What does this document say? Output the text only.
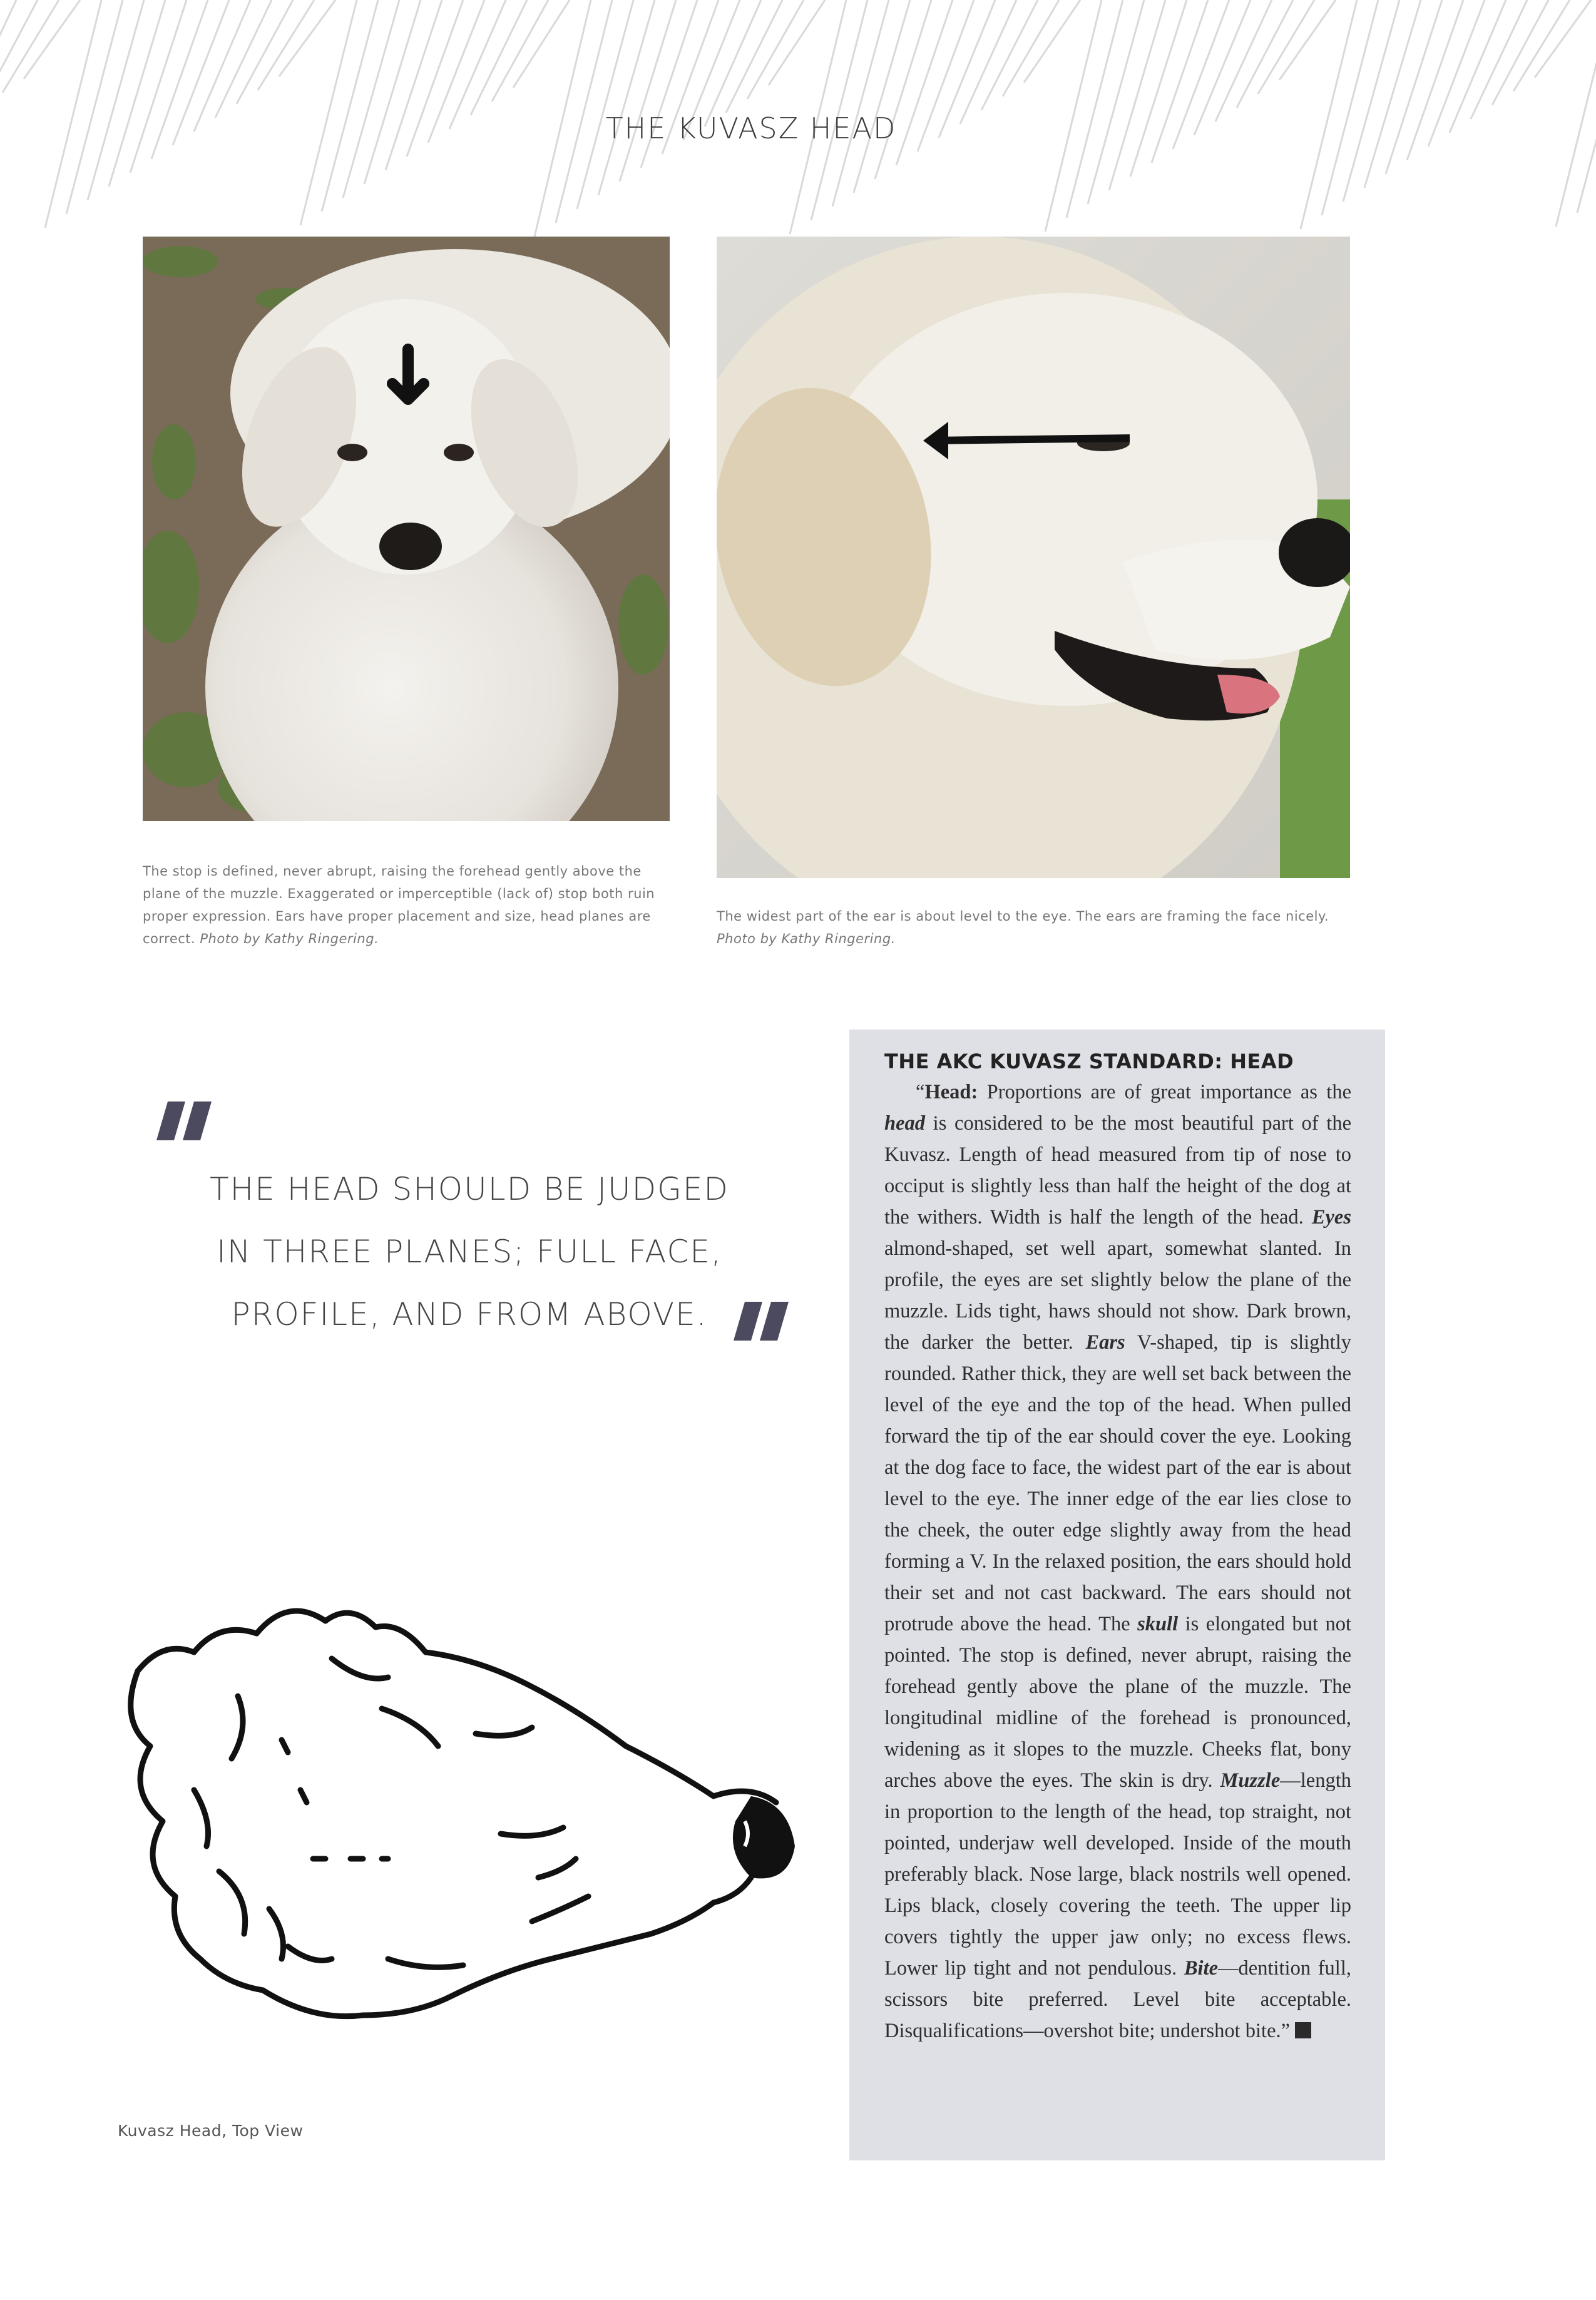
THE KUVASZ HEAD
The stop is defined, never abrupt, raising the forehead gently above the plane of the muzzle. Exaggerated or imperceptible (lack of) stop both ruin proper expression. Ears have proper placement and size, head planes are correct. Photo by Kathy Ringering.
The widest part of the ear is about level to the eye. The ears are framing the face nicely. Photo by Kathy Ringering.
THE HEAD SHOULD BE JUDGED
IN THREE PLANES; FULL FACE,
PROFILE, AND FROM ABOVE.
Kuvasz Head, Top View
THE AKC KUVASZ STANDARD: HEAD

“Head: Proportions are of great importance as the head is considered to be the most beautiful part of the Kuvasz. Length of head measured from tip of nose to occiput is slightly less than half the height of the dog at the withers. Width is half the length of the head. Eyes almond-shaped, set well apart, somewhat slanted. In profile, the eyes are set slightly below the plane of the muzzle. Lids tight, haws should not show. Dark brown, the darker the better. Ears V-shaped, tip is slightly rounded. Rather thick, they are well set back between the level of the eye and the top of the head. When pulled forward the tip of the ear should cover the eye. Looking at the dog face to face, the widest part of the ear is about level to the eye. The inner edge of the ear lies close to the cheek, the outer edge slightly away from the head forming a V. In the relaxed position, the ears should hold their set and not cast backward. The ears should not protrude above the head. The skull is elongated but not pointed. The stop is defined, never abrupt, raising the forehead gently above the plane of the muzzle. The longitudinal midline of the forehead is pronounced, widening as it slopes to the muzzle. Cheeks flat, bony arches above the eyes. The skin is dry. Muzzle—length in proportion to the length of the head, top straight, not pointed, underjaw well developed. Inside of the mouth preferably black. Nose large, black nostrils well opened. Lips black, closely covering the teeth. The upper lip covers tightly the upper jaw only; no excess flews. Lower lip tight and not pendulous. Bite—dentition full, scissors bite preferred. Level bite acceptable. Disqualifications—overshot bite; undershot bite.”
